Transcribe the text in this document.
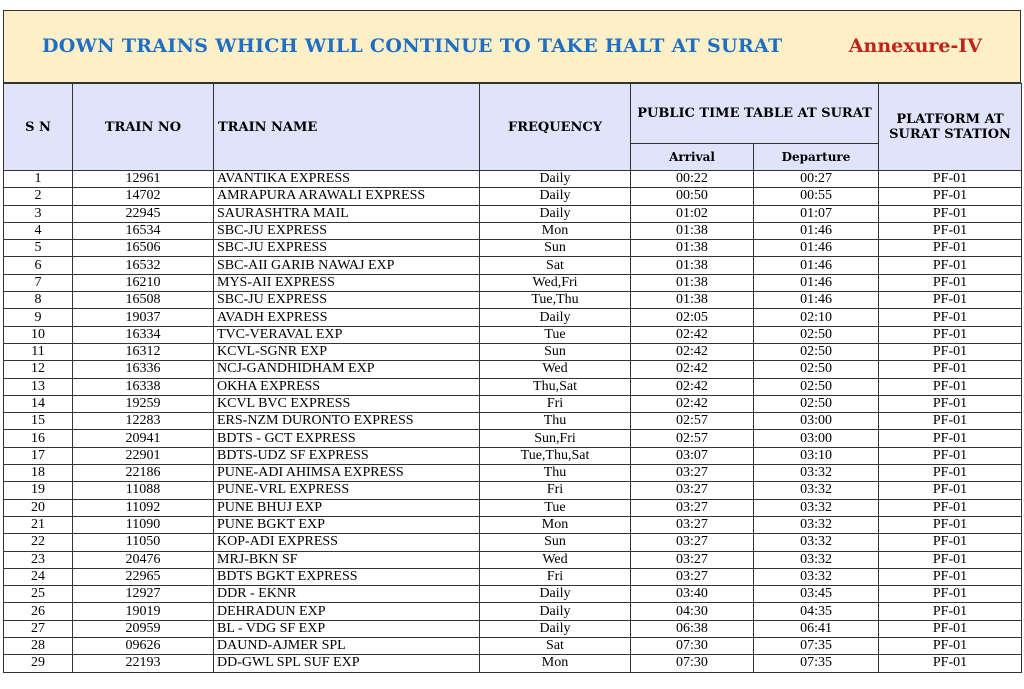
DOWN TRAINS WHICH WILL CONTINUE TO TAKE HALT AT SURAT	Annexure-IV
S N	TRAIN NO	TRAIN NAME	FREQUENCY	PUBLIC TIME TABLE AT SURAT		PLATFORM AT SURAT STATION
				Arrival	Departure	
1	12961	AVANTIKA EXPRESS	Daily	00:22	00:27	PF-01
2	14702	AMRAPURA ARAWALI EXPRESS	Daily	00:50	00:55	PF-01
3	22945	SAURASHTRA MAIL	Daily	01:02	01:07	PF-01
4	16534	SBC-JU EXPRESS	Mon	01:38	01:46	PF-01
5	16506	SBC-JU EXPRESS	Sun	01:38	01:46	PF-01
6	16532	SBC-AII GARIB NAWAJ EXP	Sat	01:38	01:46	PF-01
7	16210	MYS-AII EXPRESS	Wed,Fri	01:38	01:46	PF-01
8	16508	SBC-JU EXPRESS	Tue,Thu	01:38	01:46	PF-01
9	19037	AVADH EXPRESS	Daily	02:05	02:10	PF-01
10	16334	TVC-VERAVAL EXP	Tue	02:42	02:50	PF-01
11	16312	KCVL-SGNR EXP	Sun	02:42	02:50	PF-01
12	16336	NCJ-GANDHIDHAM EXP	Wed	02:42	02:50	PF-01
13	16338	OKHA EXPRESS	Thu,Sat	02:42	02:50	PF-01
14	19259	KCVL BVC EXPRESS	Fri	02:42	02:50	PF-01
15	12283	ERS-NZM DURONTO EXPRESS	Thu	02:57	03:00	PF-01
16	20941	BDTS - GCT EXPRESS	Sun,Fri	02:57	03:00	PF-01
17	22901	BDTS-UDZ SF EXPRESS	Tue,Thu,Sat	03:07	03:10	PF-01
18	22186	PUNE-ADI AHIMSA EXPRESS	Thu	03:27	03:32	PF-01
19	11088	PUNE-VRL EXPRESS	Fri	03:27	03:32	PF-01
20	11092	PUNE BHUJ EXP	Tue	03:27	03:32	PF-01
21	11090	PUNE BGKT EXP	Mon	03:27	03:32	PF-01
22	11050	KOP-ADI EXPRESS	Sun	03:27	03:32	PF-01
23	20476	MRJ-BKN SF	Wed	03:27	03:32	PF-01
24	22965	BDTS BGKT EXPRESS	Fri	03:27	03:32	PF-01
25	12927	DDR - EKNR	Daily	03:40	03:45	PF-01
26	19019	DEHRADUN EXP	Daily	04:30	04:35	PF-01
27	20959	BL - VDG SF EXP	Daily	06:38	06:41	PF-01
28	09626	DAUND-AJMER SPL	Sat	07:30	07:35	PF-01
29	22193	DD-GWL SPL SUF EXP	Mon	07:30	07:35	PF-01
